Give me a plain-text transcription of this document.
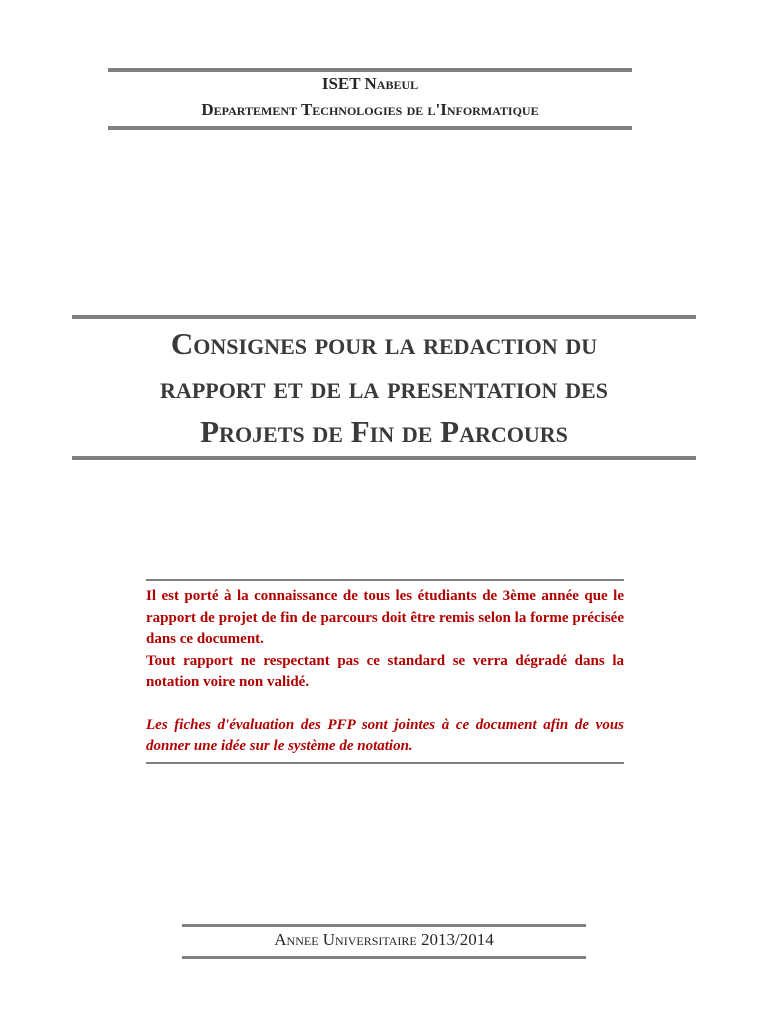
ISET Nabeul
Departement Technologies de l'Informatique
Consignes pour la redaction du
rapport et de la presentation des
Projets de Fin de Parcours

Il est porté à la connaissance de tous les étudiants de 3ème année que le rapport de projet de fin de parcours doit être remis selon la forme précisée dans ce document.

Tout rapport ne respectant pas ce standard se verra dégradé dans la notation voire non validé.

Les fiches d'évaluation des PFP sont jointes à ce document afin de vous donner une idée sur le système de notation.

Annee Universitaire 2013/2014
